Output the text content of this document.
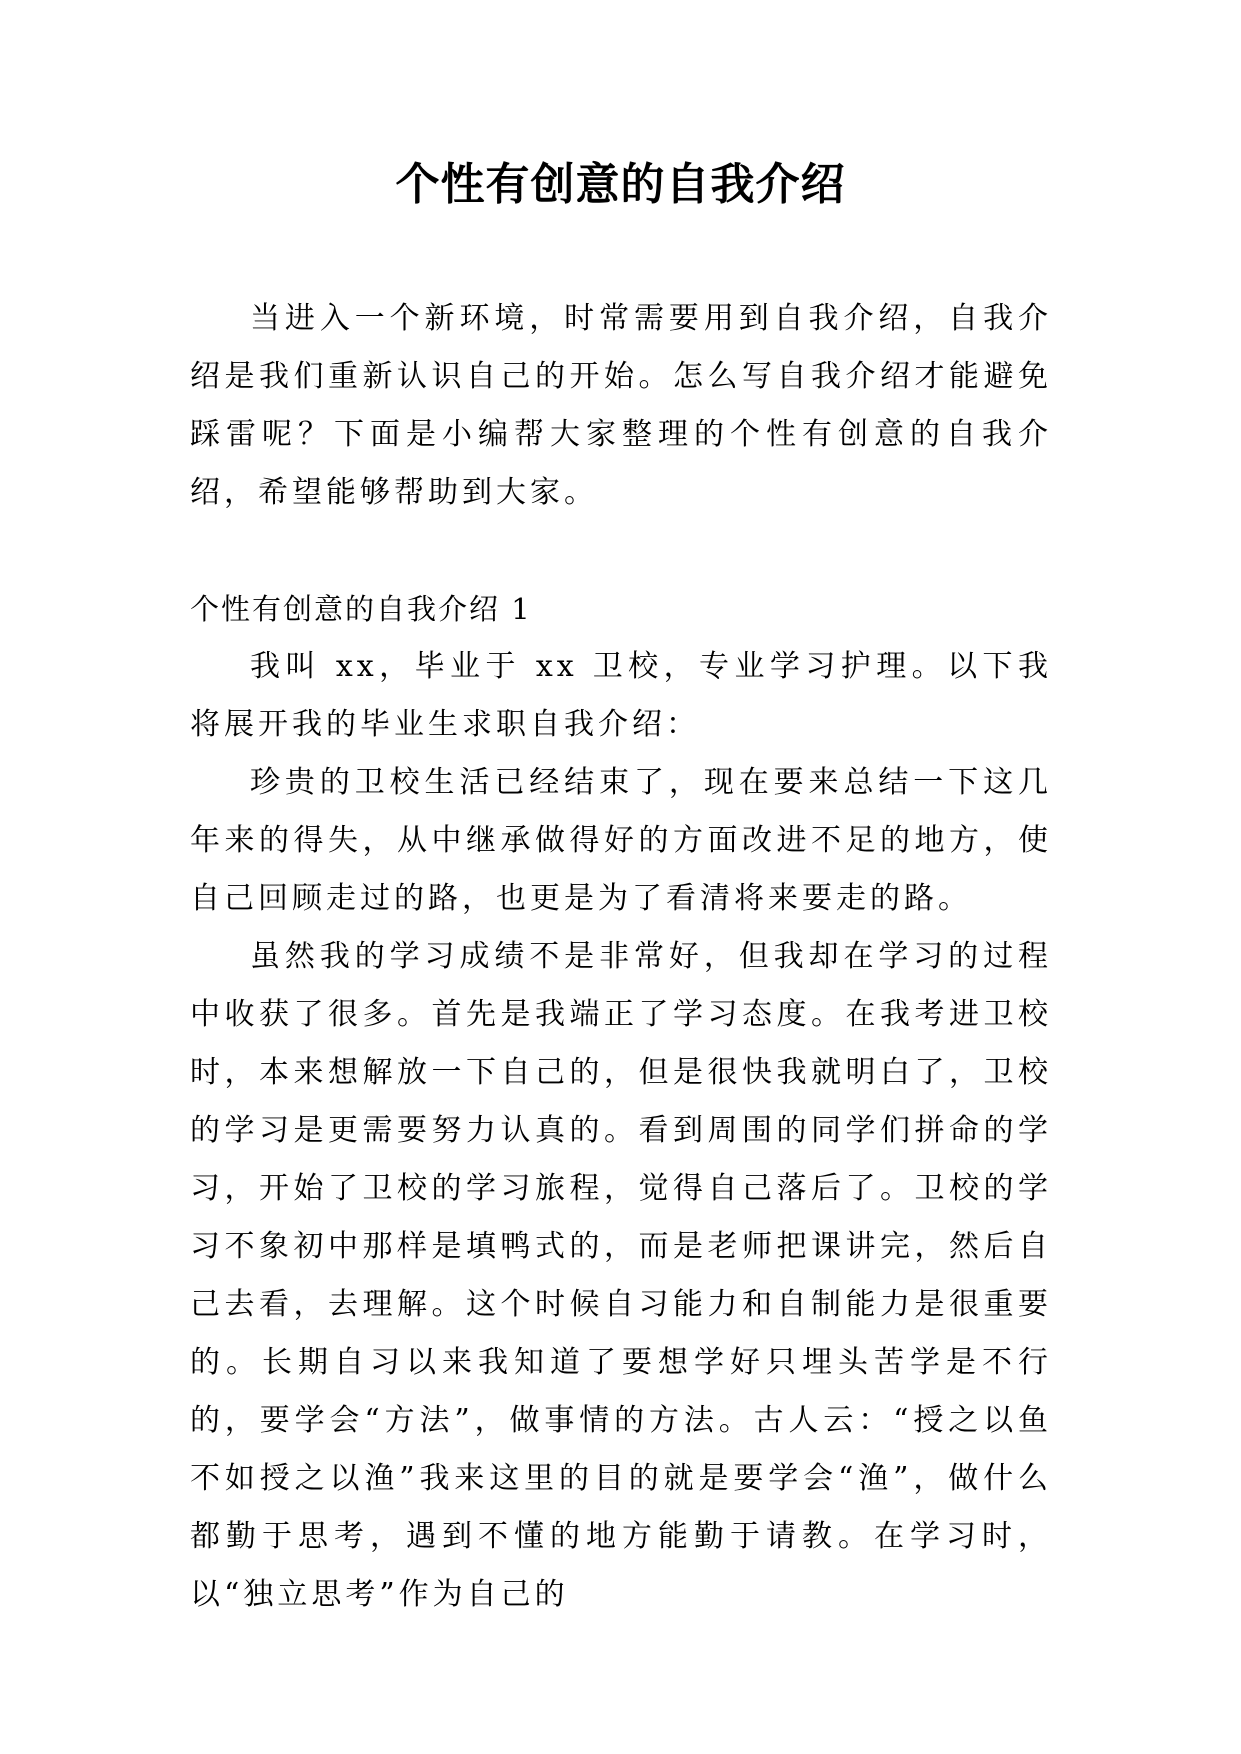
个性有创意的自我介绍

当进入一个新环境，时常需要用到自我介绍，自我介绍是我们重新认识自己的开始。怎么写自我介绍才能避免踩雷呢？下面是小编帮大家整理的个性有创意的自我介绍，希望能够帮助到大家。

个性有创意的自我介绍 1

我叫 xx，毕业于 xx 卫校，专业学习护理。以下我将展开我的毕业生求职自我介绍：

珍贵的卫校生活已经结束了，现在要来总结一下这几年来的得失，从中继承做得好的方面改进不足的地方，使自己回顾走过的路，也更是为了看清将来要走的路。

虽然我的学习成绩不是非常好，但我却在学习的过程中收获了很多。首先是我端正了学习态度。在我考进卫校时，本来想解放一下自己的，但是很快我就明白了，卫校的学习是更需要努力认真的。看到周围的同学们拼命的学习，开始了卫校的学习旅程，觉得自己落后了。卫校的学习不象初中那样是填鸭式的，而是老师把课讲完，然后自己去看，去理解。这个时候自习能力和自制能力是很重要的。长期自习以来我知道了要想学好只埋头苦学是不行的，要学会“方法”，做事情的方法。古人云：“授之以鱼不如授之以渔”我来这里的目的就是要学会“渔”，做什么都勤于思考，遇到不懂的地方能勤于请教。在学习时，以“独立思考”作为自己的
